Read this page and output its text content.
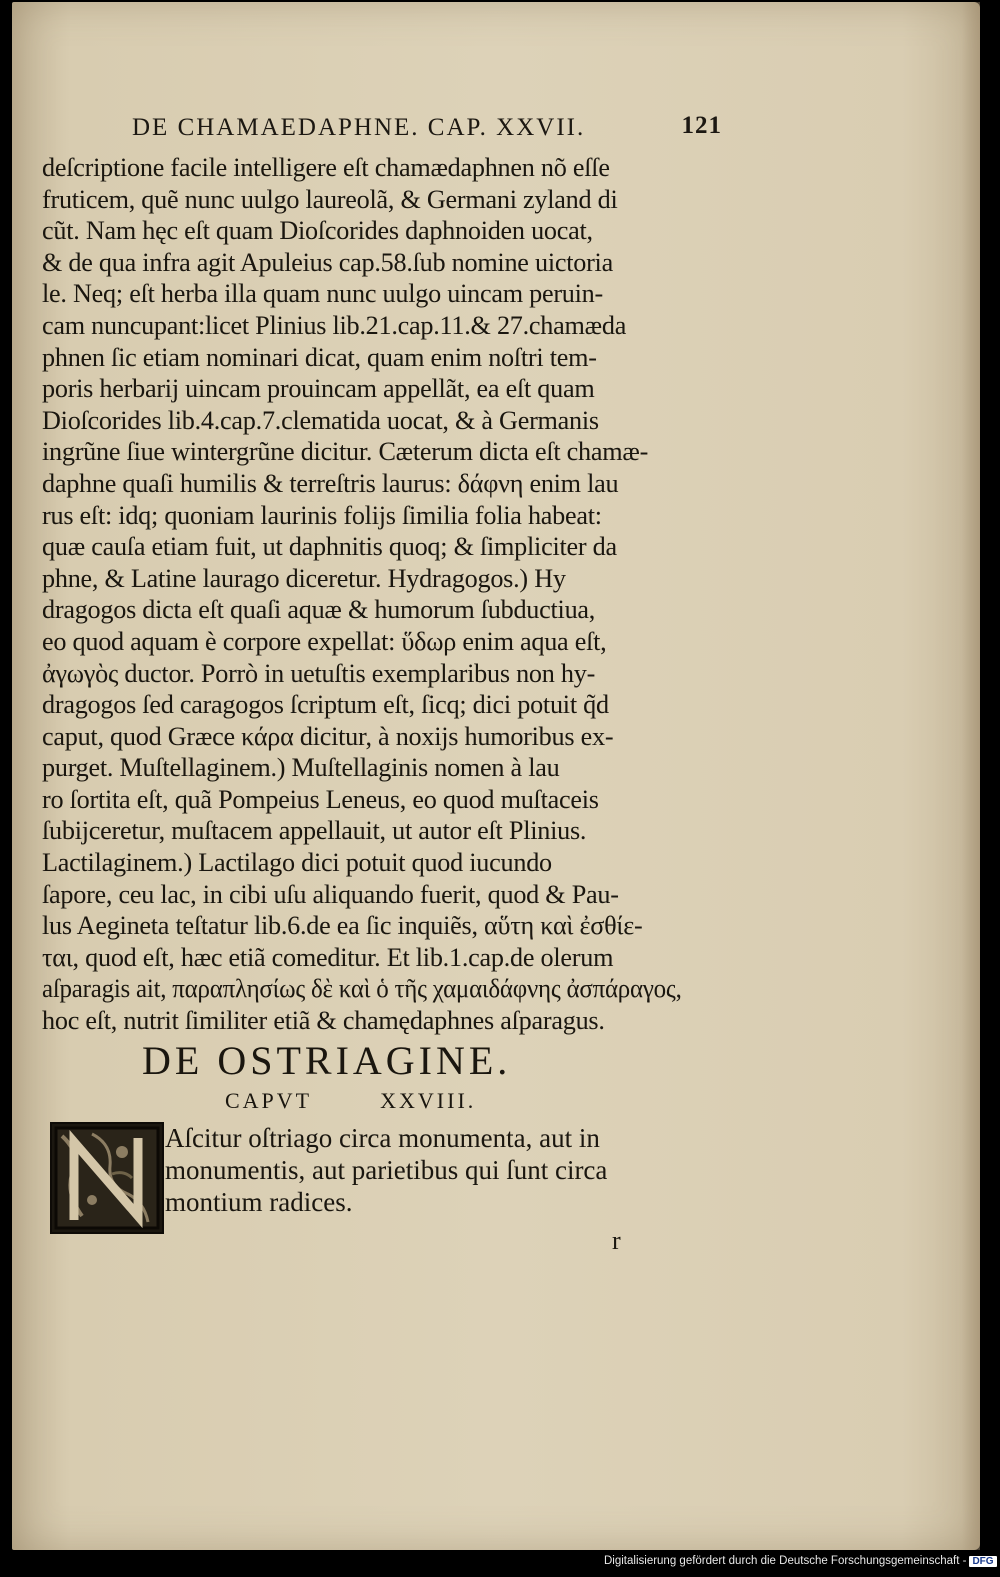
DE CHAMAEDAPHNE. CAP. XXVII.	121
deſcriptione facile intelligere eſt chamædaphnen nõ eſſe
fruticem, quẽ nunc uulgo laureolã, & Germani zyland di
cũt. Nam hęc eſt quam Dioſcorides daphnoiden uocat,
& de qua infra agit Apuleius cap.58.ſub nomine uictoria
le. Neq; eſt herba illa quam nunc uulgo uincam peruin-
cam nuncupant:licet Plinius lib.21.cap.11.& 27.chamæda
phnen ſic etiam nominari dicat, quam enim noſtri tem-
poris herbarij uincam prouincam appellãt, ea eſt quam
Dioſcorides lib.4.cap.7.clematida uocat, & à Germanis
ingrũne ſiue wintergrũne dicitur. Cæterum dicta eſt chamæ-
daphne quaſi humilis & terreſtris laurus: δάφνη enim lau
rus eſt: idq; quoniam laurinis folijs ſimilia folia habeat:
quæ cauſa etiam fuit, ut daphnitis quoq; & ſimpliciter da
phne, & Latine laurago diceretur. Hydragogos.) Hy
dragogos dicta eſt quaſi aquæ & humorum ſubductiua,
eo quod aquam è corpore expellat: ὕδωρ enim aqua eſt,
ἀγωγὸς ductor. Porrò in uetuſtis exemplaribus non hy-
dragogos ſed caragogos ſcriptum eſt, ſicq; dici potuit q̃d
caput, quod Græce κάρα dicitur, à noxijs humoribus ex-
purget. Muſtellaginem.) Muſtellaginis nomen à lau
ro ſortita eſt, quã Pompeius Leneus, eo quod muſtaceis
ſubijceretur, muſtacem appellauit, ut autor eſt Plinius.
Lactilaginem.) Lactilago dici potuit quod iucundo
ſapore, ceu lac, in cibi uſu aliquando fuerit, quod & Pau-
lus Aegineta teſtatur lib.6.de ea ſic inquiẽs, αὕτη καὶ ἐσθίε-
ται, quod eſt, hæc etiã comeditur. Et lib.1.cap.de olerum
aſparagis ait, παραπλησίως δὲ καὶ ὁ τῆς χαμαιδάφνης ἀσπάραγος,
hoc eſt, nutrit ſimiliter etiã & chamędaphnes aſparagus.
DE OSTRIAGINE.
CAPVT	XXVIII.
Aſcitur oſtriago circa monumenta, aut in
monumentis, aut parietibus qui ſunt circa
montium radices.
r
Digitalisierung gefördert durch die Deutsche Forschungsgemeinschaft - DFG
